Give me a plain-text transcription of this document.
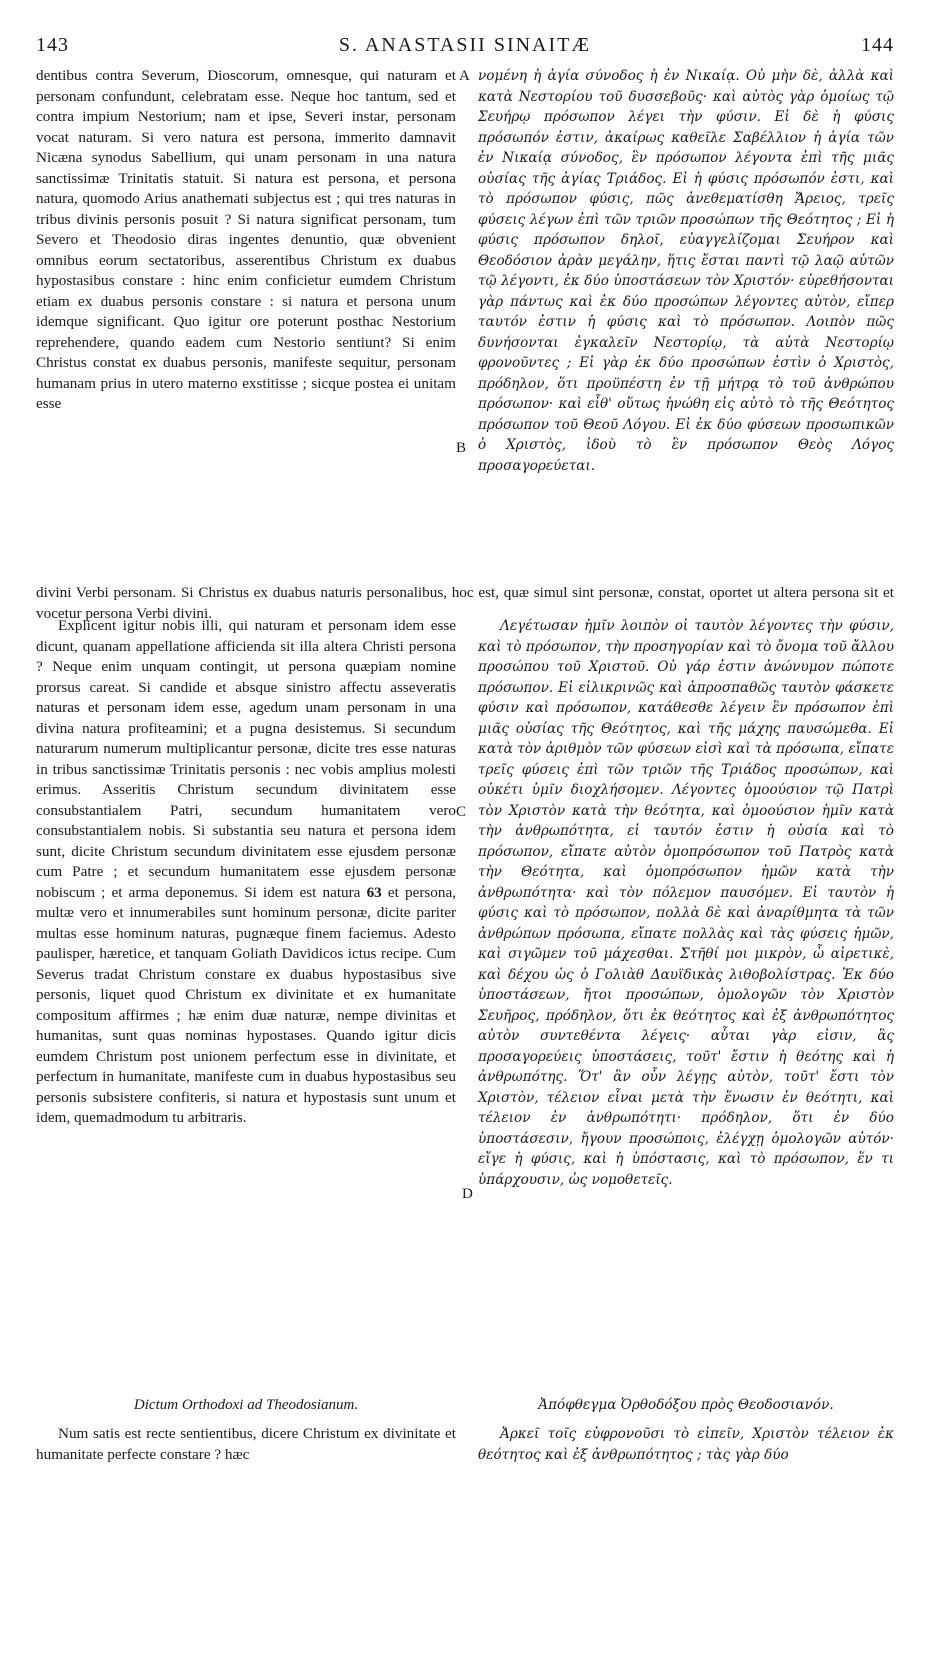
143	S. ANASTASII SINAITÆ	144

dentibus contra Severum, Dioscorum, omnesque, qui naturam et personam confundunt, celebratam esse. Neque hoc tantum, sed et contra impium Nestorium; nam et ipse, Severi instar, personam vocat naturam. Si vero natura est persona, immerito damnavit Nicæna synodus Sabellium, qui unam personam in una natura sanctissimæ Trinitatis statuit. Si natura est persona, et persona natura, quomodo Arius anathemati subjectus est ; qui tres naturas in tribus divinis personis posuit ? Si natura significat personam, tum Severo et Theodosio diras ingentes denuntio, quæ obvenient omnibus eorum sectatoribus, asserentibus Christum ex duabus hypostasibus constare : hinc enim conficietur eumdem Christum etiam ex duabus personis constare : si natura et persona unum idemque significant. Quo igitur ore poterunt posthac Nestorium reprehendere, quando eadem cum Nestorio sentiunt? Si enim Christus constat ex duabus personis, manifeste sequitur, personam humanam prius in utero materno exstitisse ; sicque postea ei unitam esse

A νομένη ἡ ἁγία σύνοδος ἡ ἐν Νικαίᾳ. Οὐ μὴν δὲ, ἀλλὰ καὶ κατὰ Νεστορίου τοῦ δυσσεβοῦς· καὶ αὐτὸς γὰρ ὁμοίως τῷ Σευήρῳ πρόσωπον λέγει τὴν φύσιν. Εἰ δὲ ἡ φύσις πρόσωπόν ἐστιν, ἀκαίρως καθεῖλε Σαβέλλιον ἡ ἁγία τῶν ἐν Νικαίᾳ σύνοδος, ἓν πρόσωπον λέγοντα ἐπὶ τῆς μιᾶς οὐσίας τῆς ἁγίας Τριάδος. Εἰ ἡ φύσις πρόσωπόν ἐστι, καὶ τὸ πρόσωπον φύσις, πῶς ἀνεθεματίσθη Ἄρειος, τρεῖς φύσεις λέγων ἐπὶ τῶν τριῶν προσώπων τῆς Θεότητος ; Εἰ ἡ φύσις πρόσωπον δηλοῖ, εὐαγγελίζομαι Σευήρον καὶ Θεοδόσιον ἀρὰν μεγάλην, ἥτις ἔσται παντὶ τῷ λαῷ αὐτῶν τῷ λέγοντι, ἐκ δύο ὑποστάσεων τὸν Χριστόν· εὑρεθήσονται γὰρ πάντως καὶ ἐκ δύο προσώπων λέγοντες αὐτὸν, εἴπερ ταυτόν ἐστιν ἡ φύσις καὶ τὸ πρόσωπον. Λοιπὸν πῶς δυνήσονται ἐγκαλεῖν Νεστορίῳ, τὰ αὐτὰ Νεστορίῳ φρονοῦντες ; Εἰ γὰρ ἐκ δύο προσώπων ἐστὶν ὁ Χριστὸς, πρόδηλον, ὅτι προϋπέστη ἐν τῇ μήτρᾳ τὸ τοῦ ἀνθρώπου πρόσωπον· καὶ εἶθ' οὕτως ἡνώθη εἰς αὐτὸ τὸ τῆς Θεότητος πρόσωπον τοῦ Θεοῦ Λόγου. Εἰ ἐκ δύο φύσεων προσωπικῶν ὁ Χριστὸς, ἰδοὺ τὸ ἓν πρόσωπον Θεὸς Λόγος προσαγορεύεται.

B

divini Verbi personam. Si Christus ex duabus naturis personalibus, hoc est, quæ simul sint personæ, constat, oportet ut altera persona sit et vocetur persona Verbi divini.

Explicent igitur nobis illi, qui naturam et personam idem esse dicunt, quanam appellatione afficienda sit illa altera Christi persona ? Neque enim unquam contingit, ut persona quæpiam nomine prorsus careat. Si candide et absque sinistro affectu asseveratis naturas et personam idem esse, agedum unam personam in una divina natura profiteamini; et a pugna desistemus. Si secundum naturarum numerum multiplicantur personæ, dicite tres esse naturas in tribus sanctissimæ Trinitatis personis : nec vobis amplius molesti erimus. Asseritis Christum secundum divinitatem esse consubstantialem Patri, secundum humanitatem vero consubstantialem nobis. Si substantia seu natura et persona idem sunt, dicite Christum secundum divinitatem esse ejusdem personæ cum Patre ; et secundum humanitatem esse ejusdem personæ nobiscum ; et arma deponemus. Si idem est natura 63 et persona, multæ vero et innumerabiles sunt hominum personæ, dicite pariter multas esse hominum naturas, pugnæque finem faciemus. Adesto paulisper, hæretice, et tanquam Goliath Davidicos ictus recipe. Cum Severus tradat Christum constare ex duabus hypostasibus sive personis, liquet quod Christum ex divinitate et ex humanitate compositum affirmes ; hæ enim duæ naturæ, nempe divinitas et humanitas, sunt quas nominas hypostases. Quando igitur dicis eumdem Christum post unionem perfectum esse in divinitate, et perfectum in humanitate, manifeste cum in duabus hypostasibus seu personis subsistere confiteris, si natura et hypostasis sunt unum et idem, quemadmodum tu arbitraris.

C
D

Λεγέτωσαν ἡμῖν λοιπὸν οἱ ταυτὸν λέγοντες τὴν φύσιν, καὶ τὸ πρόσωπον, τὴν προσηγορίαν καὶ τὸ ὄνομα τοῦ ἄλλου προσώπου τοῦ Χριστοῦ. Οὐ γάρ ἐστιν ἀνώνυμον πώποτε πρόσωπον. Εἰ εἰλικρινῶς καὶ ἀπροσπαθῶς ταυτὸν φάσκετε φύσιν καὶ πρόσωπον, κατάθεσθε λέγειν ἓν πρόσωπον ἐπὶ μιᾶς οὐσίας τῆς Θεότητος, καὶ τῆς μάχης παυσώμεθα. Εἰ κατὰ τὸν ἀριθμὸν τῶν φύσεων εἰσὶ καὶ τὰ πρόσωπα, εἴπατε τρεῖς φύσεις ἐπὶ τῶν τριῶν τῆς Τριάδος προσώπων, καὶ οὐκέτι ὑμῖν διοχλήσομεν. Λέγοντες ὁμοούσιον τῷ Πατρὶ τὸν Χριστὸν κατὰ τὴν θεότητα, καὶ ὁμοούσιον ἡμῖν κατὰ τὴν ἀνθρωπότητα, εἰ ταυτόν ἐστιν ἡ οὐσία καὶ τὸ πρόσωπον, εἴπατε αὐτὸν ὁμοπρόσωπον τοῦ Πατρὸς κατὰ τὴν Θεότητα, καὶ ὁμοπρόσωπον ἡμῶν κατὰ τὴν ἀνθρωπότητα· καὶ τὸν πόλεμον παυσόμεν. Εἰ ταυτὸν ἡ φύσις καὶ τὸ πρόσωπον, πολλὰ δὲ καὶ ἀναρίθμητα τὰ τῶν ἀνθρώπων πρόσωπα, εἴπατε πολλὰς καὶ τὰς φύσεις ἡμῶν, καὶ σιγῶμεν τοῦ μάχεσθαι. Στῆθί μοι μικρὸν, ὦ αἱρετικὲ, καὶ δέχου ὡς ὁ Γολιὰθ Δαυϊδικὰς λιθοβολίστρας. Ἐκ δύο ὑποστάσεων, ἤτοι προσώπων, ὁμολογῶν τὸν Χριστὸν Σευῆρος, πρόδηλον, ὅτι ἐκ θεότητος καὶ ἐξ ἀνθρωπότητος αὐτὸν συντεθέντα λέγεις· αὗται γὰρ εἰσιν, ἃς προσαγορεύεις ὑποστάσεις, τοῦτ' ἔστιν ἡ θεότης καὶ ἡ ἀνθρωπότης. Ὅτ' ἂν οὖν λέγῃς αὐτὸν, τοῦτ' ἔστι τὸν Χριστὸν, τέλειον εἶναι μετὰ τὴν ἕνωσιν ἐν θεότητι, καὶ τέλειον ἐν ἀνθρωπότητι· πρόδηλον, ὅτι ἐν δύο ὑποστάσεσιν, ἤγουν προσώποις, ἐλέγχῃ ὁμολογῶν αὐτόν· εἴγε ἡ φύσις, καὶ ἡ ὑπόστασις, καὶ τὸ πρόσωπον, ἕν τι ὑπάρχουσιν, ὡς νομοθετεῖς.

Dictum Orthodoxi ad Theodosianum.	Ἀπόφθεγμα Ὀρθοδόξου πρὸς Θεοδοσιανόν.

Num satis est recte sentientibus, dicere Christum ex divinitate et humanitate perfecte constare ? hæc

Ἀρκεῖ τοῖς εὐφρονοῦσι τὸ εἰπεῖν, Χριστὸν τέλειον ἐκ θεότητος καὶ ἐξ ἀνθρωπότητος ; τὰς γὰρ δύο
